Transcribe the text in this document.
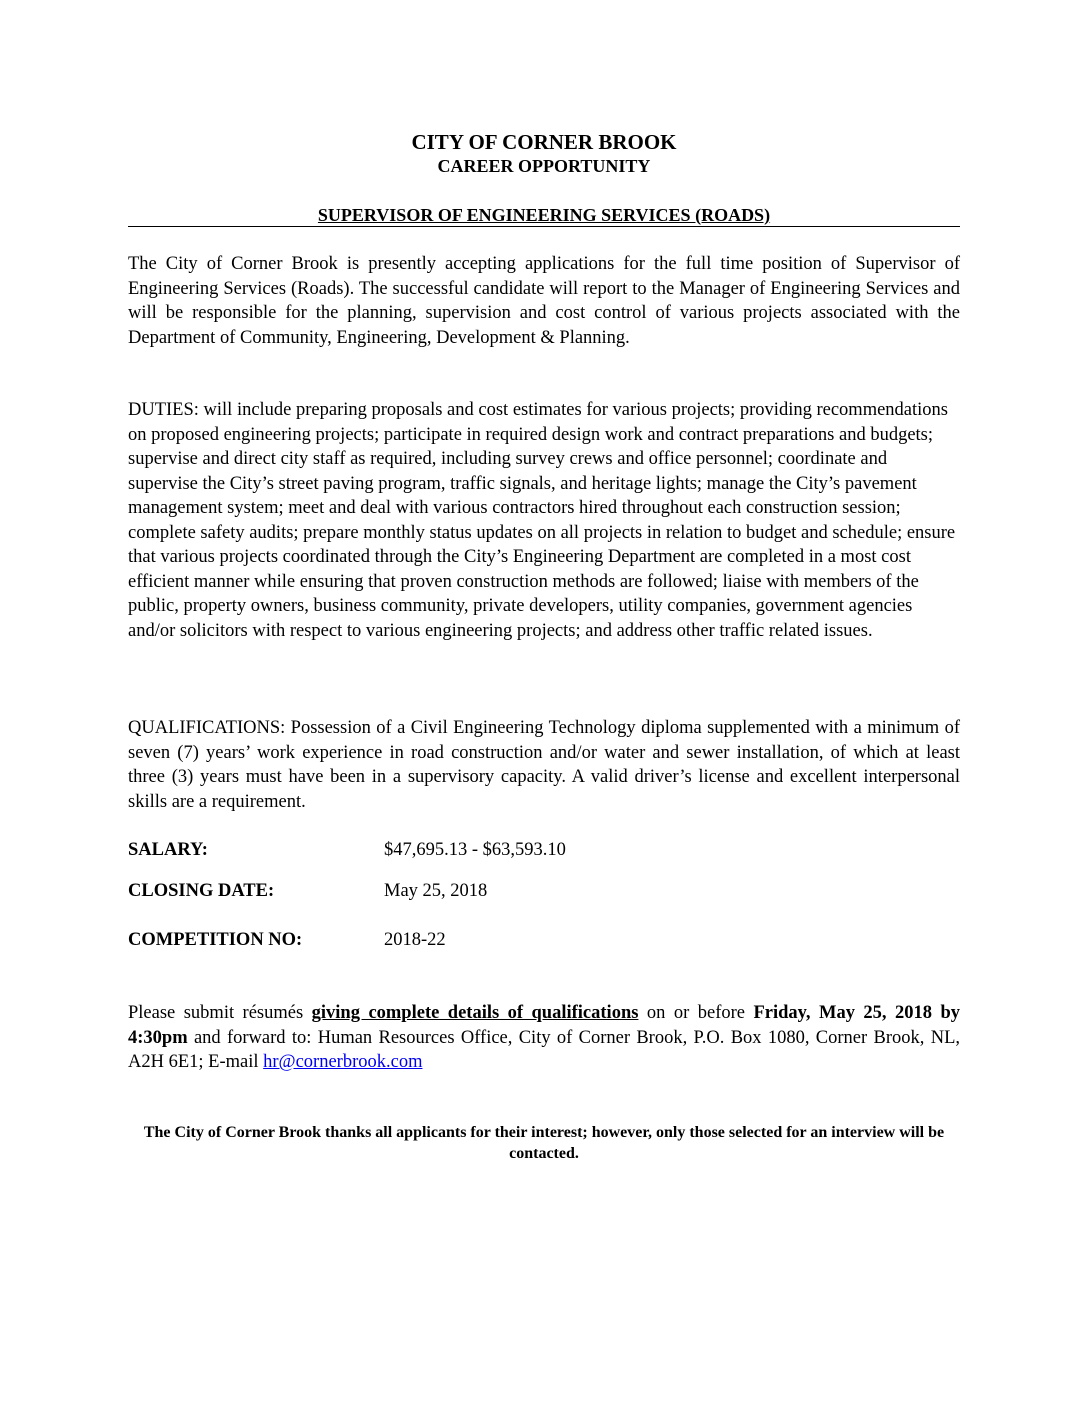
CITY OF CORNER BROOK
CAREER OPPORTUNITY
SUPERVISOR OF ENGINEERING SERVICES (ROADS)
The City of Corner Brook is presently accepting applications for the full time position of Supervisor of Engineering Services (Roads). The successful candidate will report to the Manager of Engineering Services and will be responsible for the planning, supervision and cost control of various projects associated with the Department of Community, Engineering, Development & Planning.
DUTIES: will include preparing proposals and cost estimates for various projects; providing recommendations on proposed engineering projects; participate in required design work and contract preparations and budgets; supervise and direct city staff as required, including survey crews and office personnel; coordinate and supervise the City’s street paving program, traffic signals, and heritage lights; manage the City’s pavement management system; meet and deal with various contractors hired throughout each construction session; complete safety audits; prepare monthly status updates on all projects in relation to budget and schedule; ensure that various projects coordinated through the City’s Engineering Department are completed in a most cost efficient manner while ensuring that proven construction methods are followed; liaise with members of the public, property owners, business community, private developers, utility companies, government agencies and/or solicitors with respect to various engineering projects; and address other traffic related issues.
QUALIFICATIONS: Possession of a Civil Engineering Technology diploma supplemented with a minimum of seven (7) years’ work experience in road construction and/or water and sewer installation, of which at least three (3) years must have been in a supervisory capacity. A valid driver’s license and excellent interpersonal skills are a requirement.
SALARY:	$47,695.13 - $63,593.10
CLOSING DATE:	May 25, 2018
COMPETITION NO:	2018-22
Please submit résumés giving complete details of qualifications on or before Friday, May 25, 2018 by 4:30pm and forward to: Human Resources Office, City of Corner Brook, P.O. Box 1080, Corner Brook, NL, A2H 6E1; E-mail hr@cornerbrook.com
The City of Corner Brook thanks all applicants for their interest; however, only those selected for an interview will be contacted.
